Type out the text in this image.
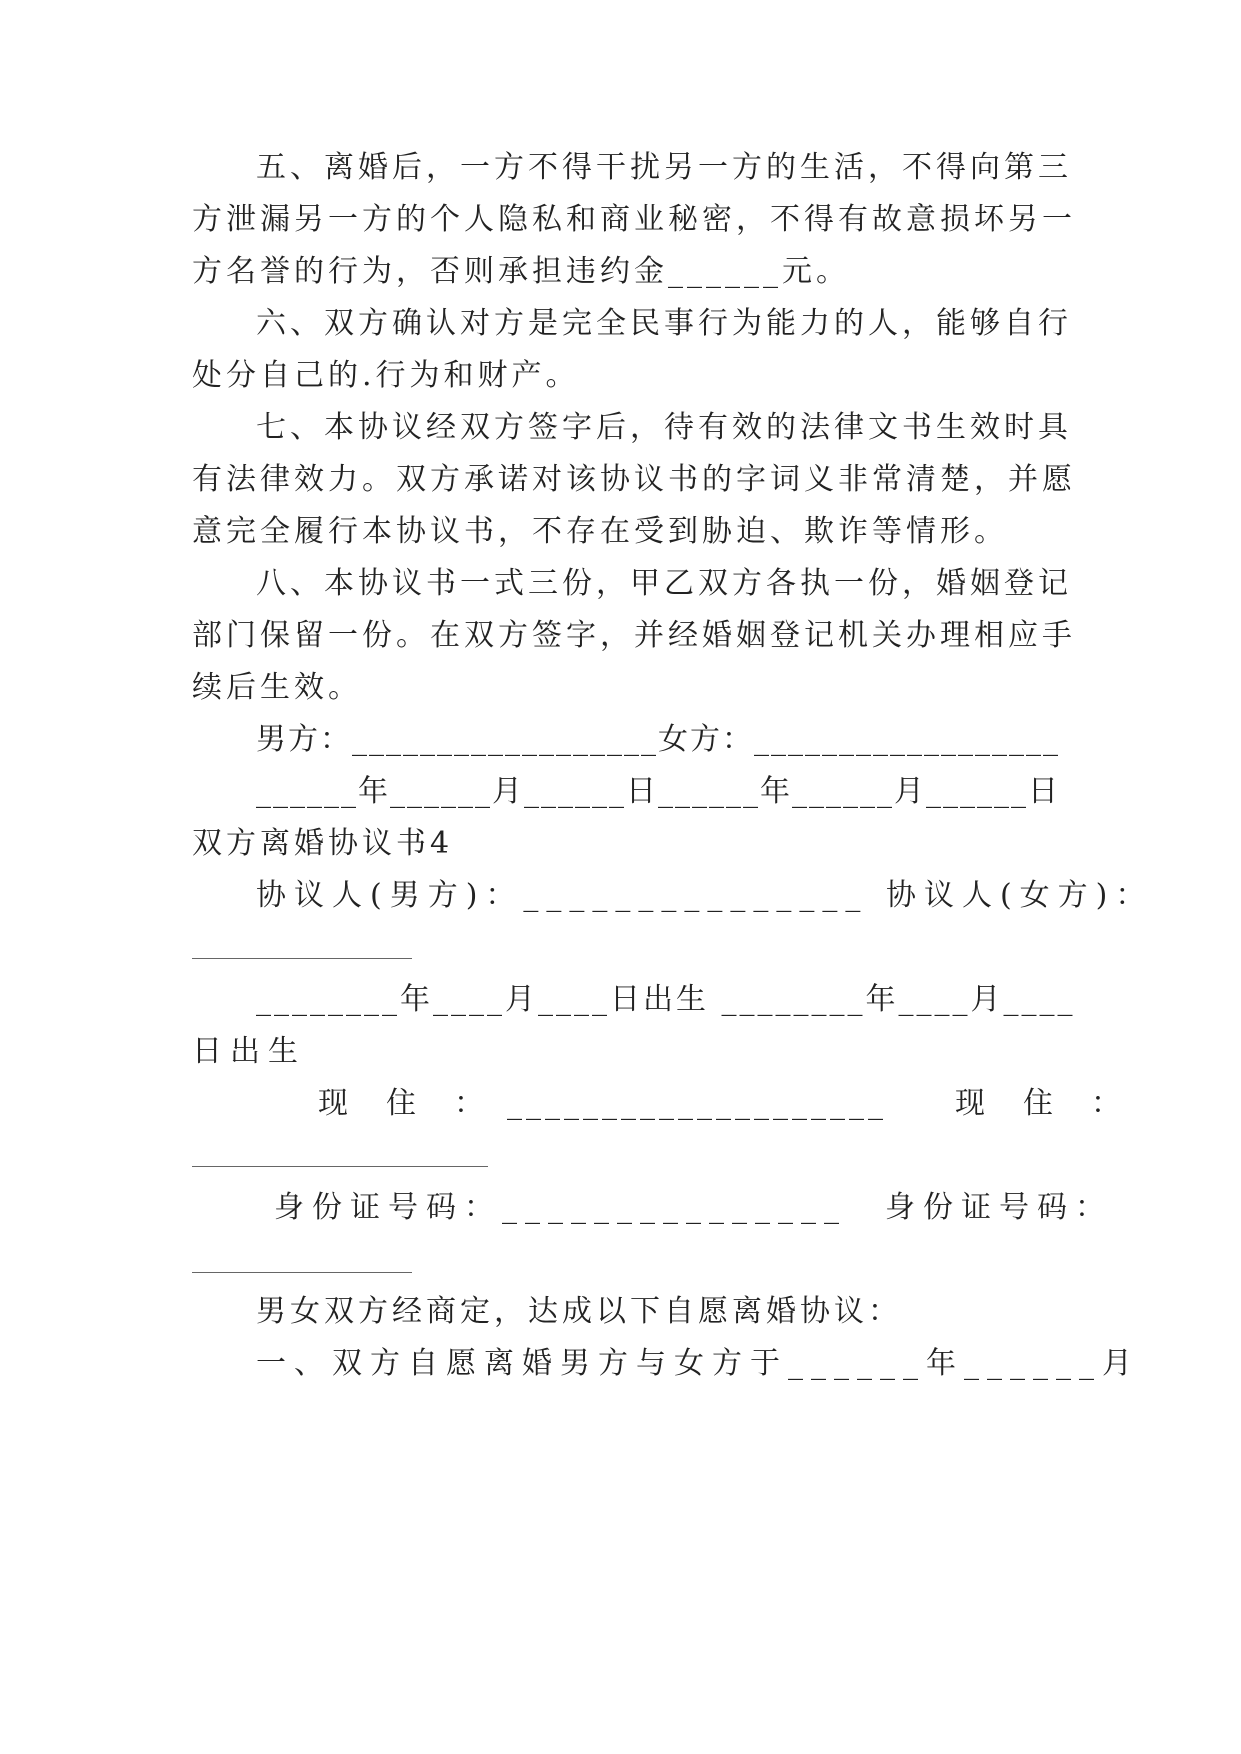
五、离婚后，一方不得干扰另一方的生活，不得向第三
方泄漏另一方的个人隐私和商业秘密，不得有故意损坏另一
方名誉的行为，否则承担违约金______元。
六、双方确认对方是完全民事行为能力的人，能够自行
处分自己的.行为和财产。
七、本协议经双方签字后，待有效的法律文书生效时具
有法律效力。双方承诺对该协议书的字词义非常清楚，并愿
意完全履行本协议书，不存在受到胁迫、欺诈等情形。
八、本协议书一式三份，甲乙双方各执一份，婚姻登记
部门保留一份。在双方签字，并经婚姻登记机关办理相应手
续后生效。
男方：__________________女方：__________________
______年______月______日______年______月______日
双方离婚协议书4
协议人(男方)：_______________ 协议人(女方)：
________年____月____日出生 ________年____月____
日出生
现　住　：　____________________　　现　住　：
身份证号码：_______________　身份证号码：
男女双方经商定，达成以下自愿离婚协议：
一、双方自愿离婚男方与女方于______年______月
